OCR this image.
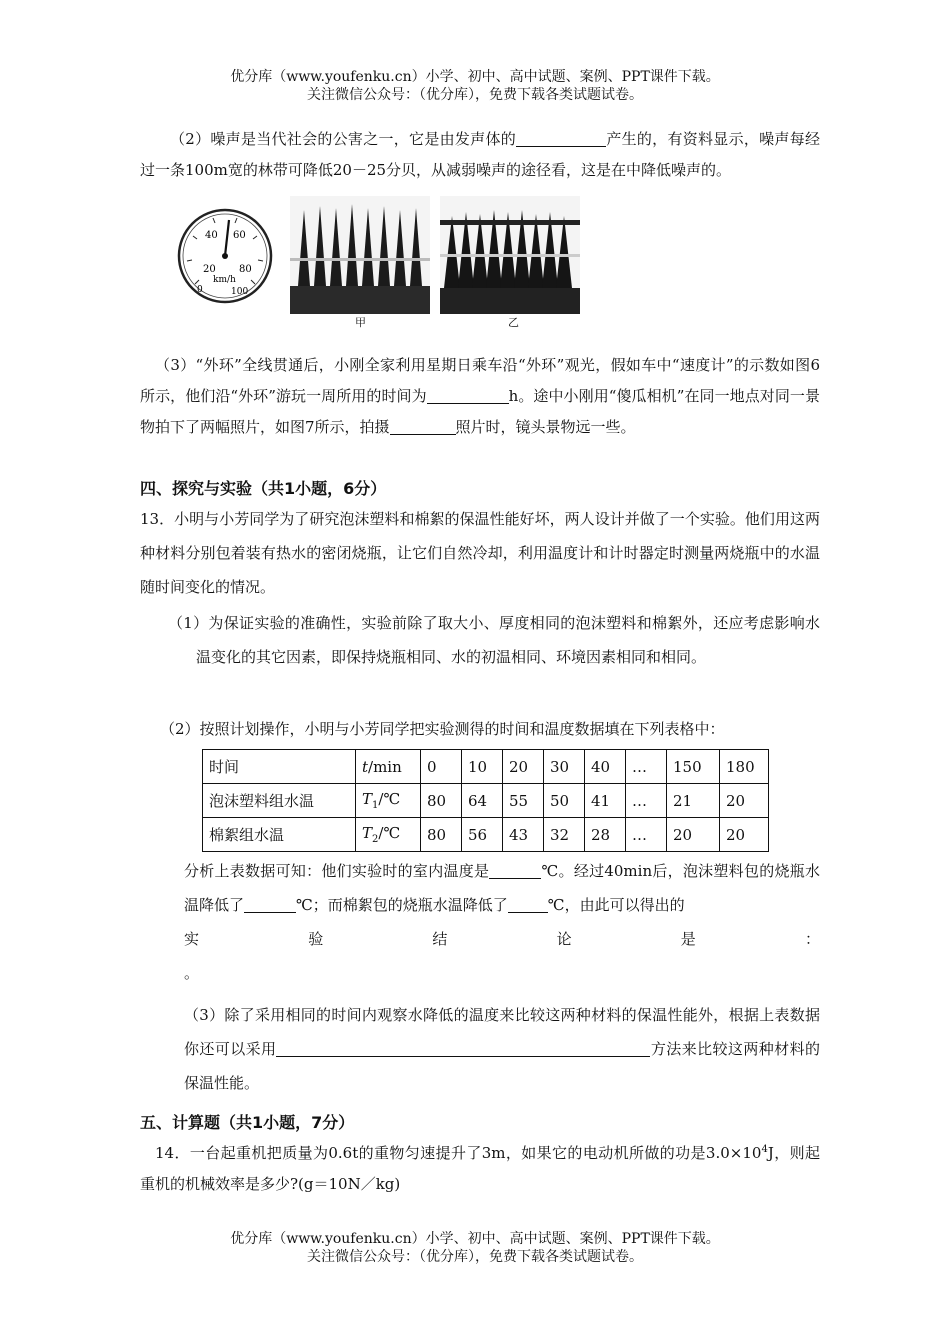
优分库（www.youfenku.cn）小学、初中、高中试题、案例、PPT课件下载。
关注微信公众号：（优分库），免费下载各类试题试卷。

（2）噪声是当代社会的公害之一，它是由发声体的	产生的，有资料显示，噪声每经过一条100m宽的林带可降低20－25分贝，从减弱噪声的途径看，这是在中降低噪声的。

20
40 60
80
0	100
km/h
甲	乙

（3）“外环”全线贯通后，小刚全家利用星期日乘车沿“外环”观光，假如车中“速度计”的示数如图6所示，他们沿“外环”游玩一周所用的时间为	h。途中小刚用“傻瓜相机”在同一地点对同一景物拍下了两幅照片，如图7所示，拍摄	照片时，镜头景物远一些。

四、探究与实验（共1小题，6分）

13．小明与小芳同学为了研究泡沫塑料和棉絮的保温性能好坏，两人设计并做了一个实验。他们用这两种材料分别包着装有热水的密闭烧瓶，让它们自然冷却，利用温度计和计时器定时测量两烧瓶中的水温随时间变化的情况。

（1）为保证实验的准确性，实验前除了取大小、厚度相同的泡沫塑料和棉絮外，还应考虑影响水温变化的其它因素，即保持烧瓶相同、水的初温相同、环境因素相同和相同。

（2）按照计划操作，小明与小芳同学把实验测得的时间和温度数据填在下列表格中：

时间	t/min	0	10	20	30	40	…	150	180
泡沫塑料组水温	$T_1/℃$	80	64	55	50	41	…	21	20
棉絮组水温	$T_2/℃$	80	56	43	32	28	…	20	20

分析上表数据可知：他们实验时的室内温度是	℃。经过40min后，泡沫塑料包的烧瓶水温降低了	℃；而棉絮包的烧瓶水温降低了	℃，由此可以得出的

实	验	结	论	是	：

。

（3）除了采用相同的时间内观察水降低的温度来比较这两种材料的保温性能外，根据上表数据你还可以采用	方法来比较这两种材料的保温性能。

五、计算题（共1小题，7分）

14．一台起重机把质量为0.6t的重物匀速提升了3m，如果它的电动机所做的功是$3.0\times 10^4J$，则起重机的机械效率是多少?(g＝10N／kg)

优分库（www.youfenku.cn）小学、初中、高中试题、案例、PPT课件下载。
关注微信公众号：（优分库），免费下载各类试题试卷。
